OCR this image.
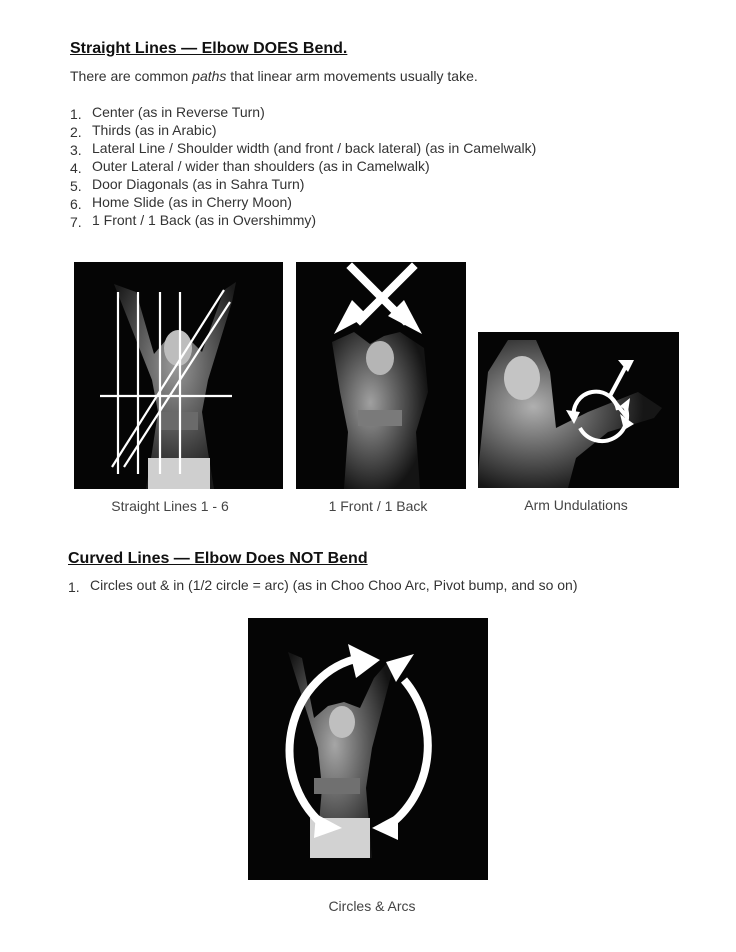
Straight Lines — Elbow DOES Bend.
There are common paths that linear arm movements usually take.
1. Center (as in Reverse Turn)
2. Thirds (as in Arabic)
3. Lateral Line / Shoulder width (and front / back lateral) (as in Camelwalk)
4. Outer Lateral / wider than shoulders (as in Camelwalk)
5. Door Diagonals (as in Sahra Turn)
6. Home Slide (as in Cherry Moon)
7. 1 Front / 1 Back (as in Overshimmy)
Straight Lines 1 - 6	1 Front / 1 Back	Arm Undulations
Curved Lines — Elbow Does NOT Bend
1. Circles out & in (1/2 circle = arc) (as in Choo Choo Arc, Pivot bump, and so on)
Circles & Arcs
